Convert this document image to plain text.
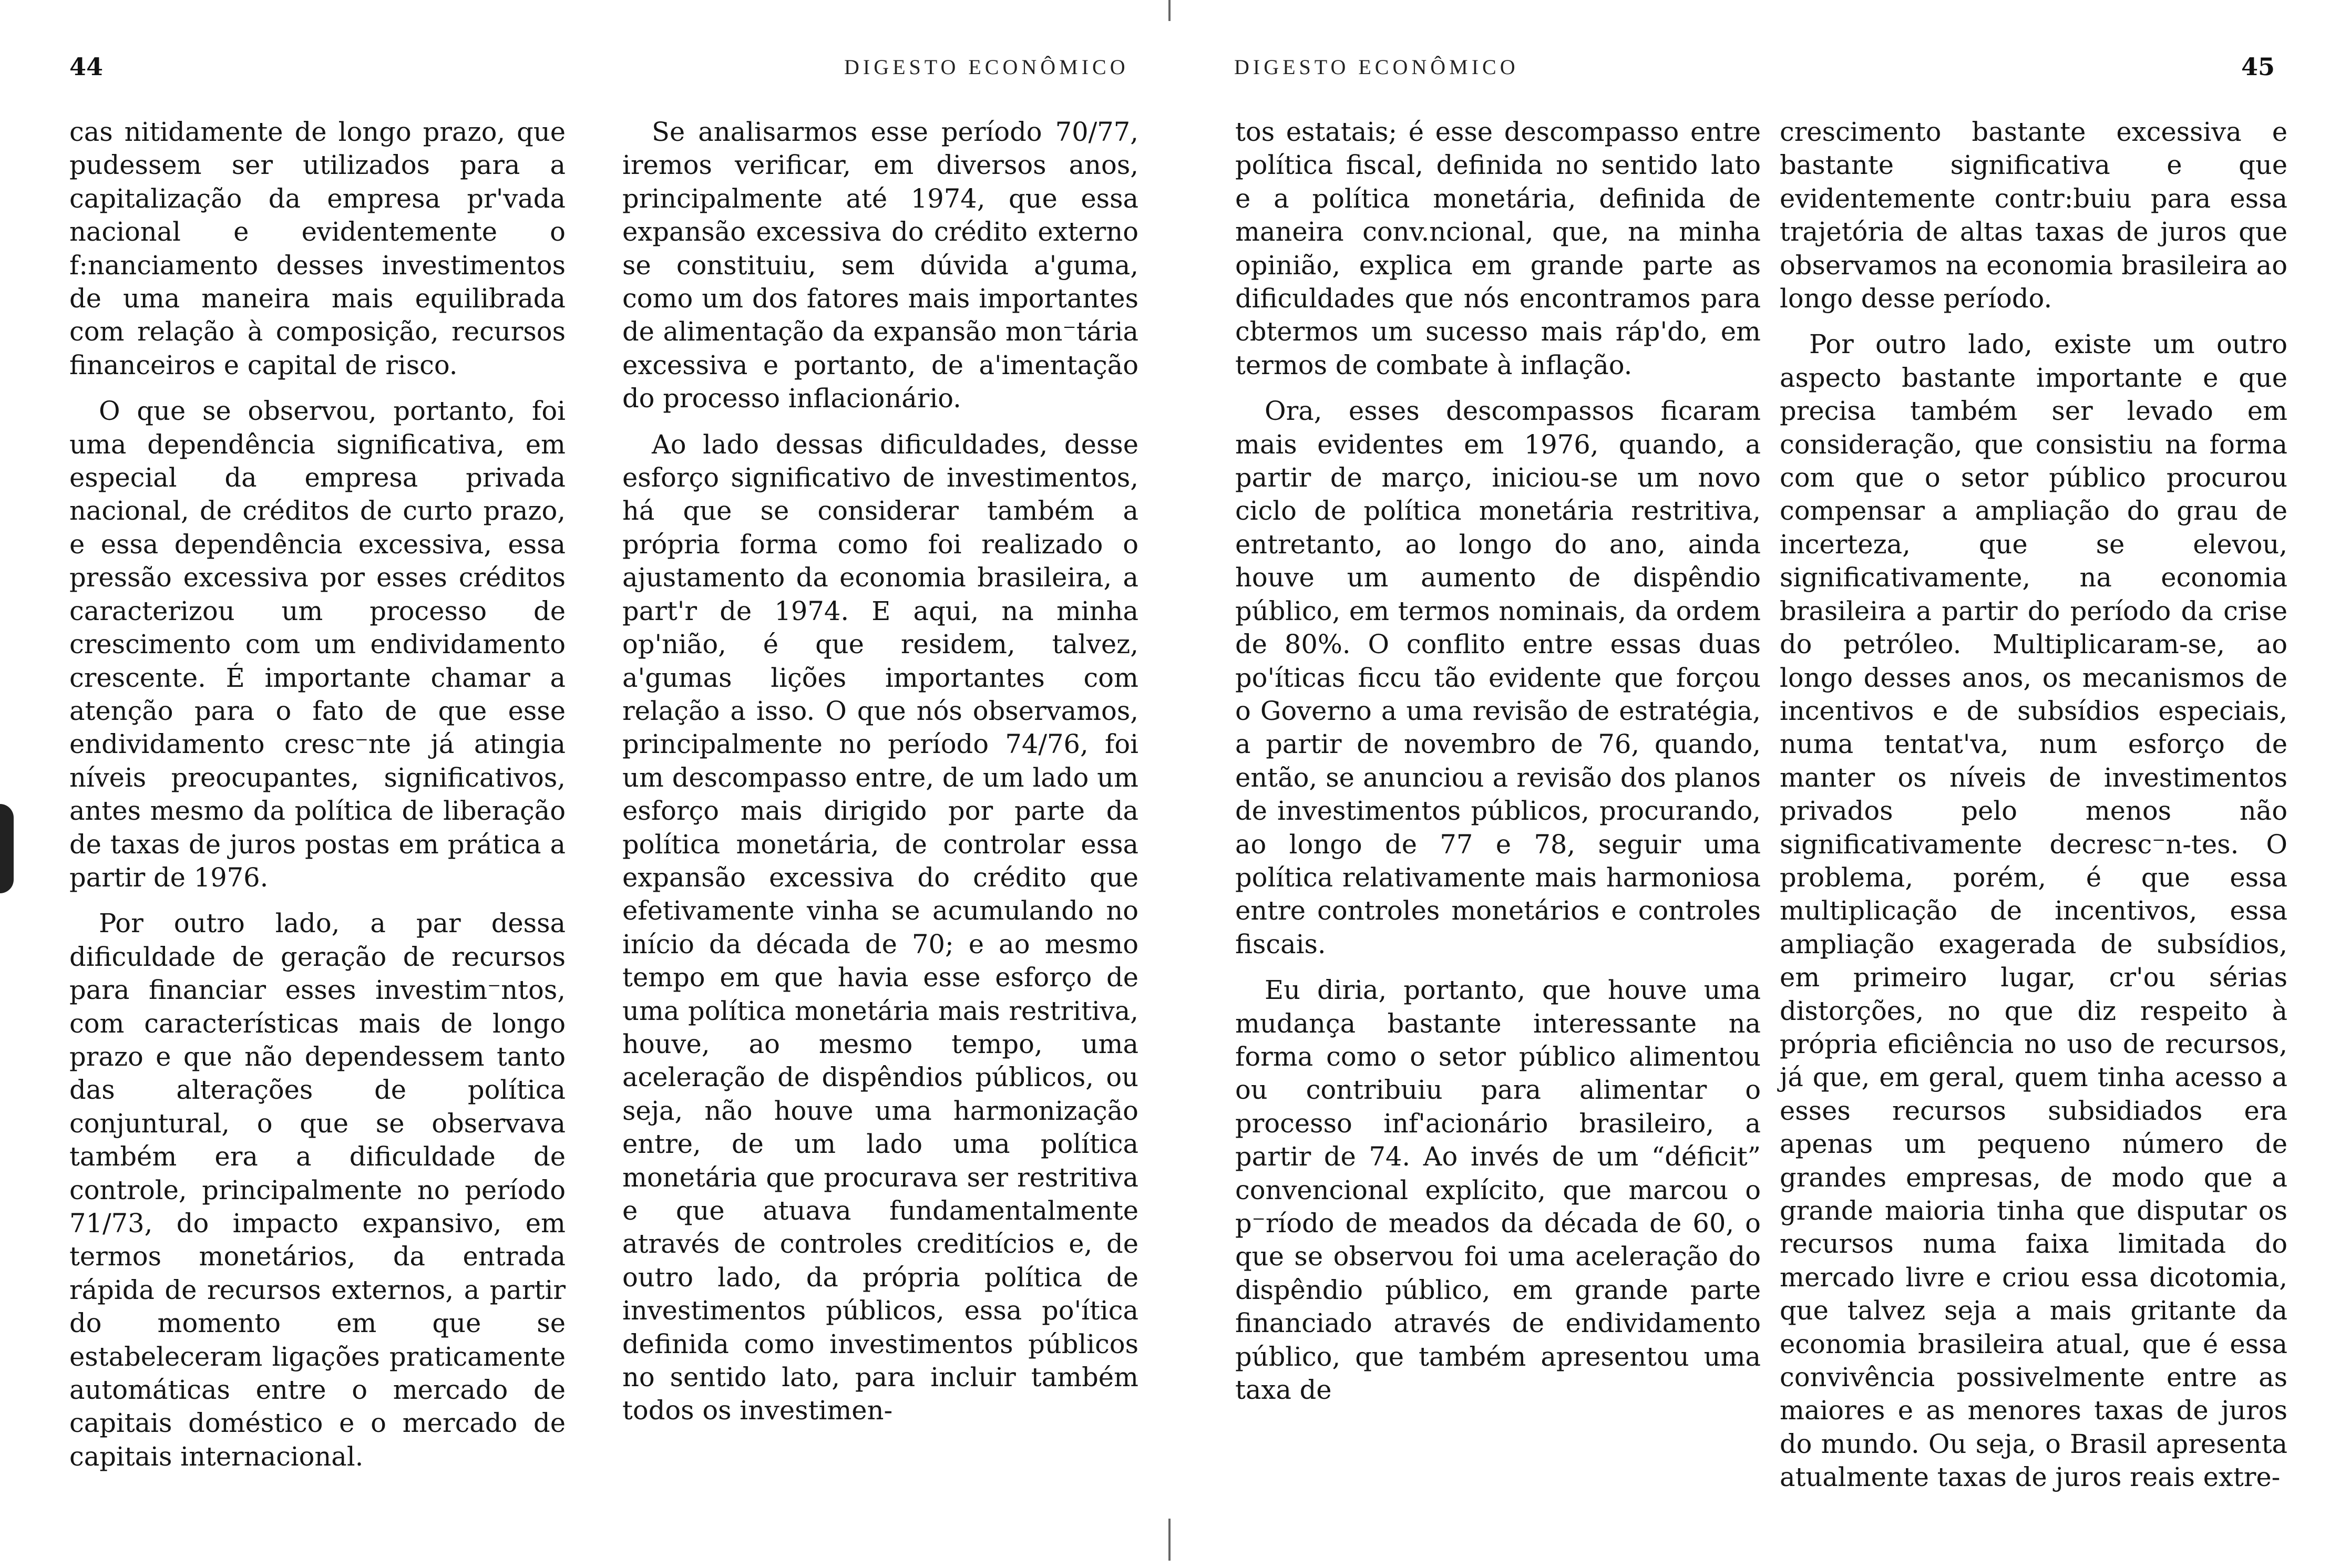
44	DIGESTO ECONÔMICO

cas nitidamente de longo prazo, que pudessem ser utilizados para a capitalização da empresa pr'vada nacional e evidentemente o f:nanciamento desses investimentos de uma maneira mais equilibrada com relação à composição, recursos financeiros e capital de risco.

O que se observou, portanto, foi uma dependência significativa, em especial da empresa privada nacional, de créditos de curto prazo, e essa dependência excessiva, essa pressão excessiva por esses créditos caracterizou um processo de crescimento com um endividamento crescente. É importante chamar a atenção para o fato de que esse endividamento cresc⁻nte já atingia níveis preocupantes, significativos, antes mesmo da política de liberação de taxas de juros postas em prática a partir de 1976.

Por outro lado, a par dessa dificuldade de geração de recursos para financiar esses investim⁻ntos, com características mais de longo prazo e que não dependessem tanto das alterações de política conjuntural, o que se observava também era a dificuldade de controle, principalmente no período 71/73, do impacto expansivo, em termos monetários, da entrada rápida de recursos externos, a partir do momento em que se estabeleceram ligações praticamente automáticas entre o mercado de capitais doméstico e o mercado de capitais internacional.

Se analisarmos esse período 70/77, iremos verificar, em diversos anos, principalmente até 1974, que essa expansão excessiva do crédito externo se constituiu, sem dúvida a'guma, como um dos fatores mais importantes de alimentação da expansão mon⁻tária excessiva e portanto, de a'imentação do processo inflacionário.

Ao lado dessas dificuldades, desse esforço significativo de investimentos, há que se considerar também a própria forma como foi realizado o ajustamento da economia brasileira, a part'r de 1974. E aqui, na minha op'nião, é que residem, talvez, a'gumas lições importantes com relação a isso. O que nós observamos, principalmente no período 74/76, foi um descompasso entre, de um lado um esforço mais dirigido por parte da política monetária, de controlar essa expansão excessiva do crédito que efetivamente vinha se acumulando no início da década de 70; e ao mesmo tempo em que havia esse esforço de uma política monetária mais restritiva, houve, ao mesmo tempo, uma aceleração de dispêndios públicos, ou seja, não houve uma harmonização entre, de um lado uma política monetária que procurava ser restritiva e que atuava fundamentalmente através de controles creditícios e, de outro lado, da própria política de investimentos públicos, essa po'ítica definida como investimentos públicos no sentido lato, para incluir também todos os investimen-

DIGESTO ECONÔMICO	45

tos estatais; é esse descompasso entre política fiscal, definida no sentido lato e a política monetária, definida de maneira conv.ncional, que, na minha opinião, explica em grande parte as dificuldades que nós encontramos para cbtermos um sucesso mais ráp'do, em termos de combate à inflação.

Ora, esses descompassos ficaram mais evidentes em 1976, quando, a partir de março, iniciou-se um novo ciclo de política monetária restritiva, entretanto, ao longo do ano, ainda houve um aumento de dispêndio público, em termos nominais, da ordem de 80%. O conflito entre essas duas po'íticas ficcu tão evidente que forçou o Governo a uma revisão de estratégia, a partir de novembro de 76, quando, então, se anunciou a revisão dos planos de investimentos públicos, procurando, ao longo de 77 e 78, seguir uma política relativamente mais harmoniosa entre controles monetários e controles fiscais.

Eu diria, portanto, que houve uma mudança bastante interessante na forma como o setor público alimentou ou contribuiu para alimentar o processo inf'acionário brasileiro, a partir de 74. Ao invés de um “déficit” convencional explícito, que marcou o p⁻ríodo de meados da década de 60, o que se observou foi uma aceleração do dispêndio público, em grande parte financiado através de endividamento público, que também apresentou uma taxa de

crescimento bastante excessiva e bastante significativa e que evidentemente contr:buiu para essa trajetória de altas taxas de juros que observamos na economia brasileira ao longo desse período.

Por outro lado, existe um outro aspecto bastante importante e que precisa também ser levado em consideração, que consistiu na forma com que o setor público procurou compensar a ampliação do grau de incerteza, que se elevou, significativamente, na economia brasileira a partir do período da crise do petróleo. Multiplicaram-se, ao longo desses anos, os mecanismos de incentivos e de subsídios especiais, numa tentat'va, num esforço de manter os níveis de investimentos privados pelo menos não significativamente decresc⁻n-tes. O problema, porém, é que essa multiplicação de incentivos, essa ampliação exagerada de subsídios, em primeiro lugar, cr'ou sérias distorções, no que diz respeito à própria eficiência no uso de recursos, já que, em geral, quem tinha acesso a esses recursos subsidiados era apenas um pequeno número de grandes empresas, de modo que a grande maioria tinha que disputar os recursos numa faixa limitada do mercado livre e criou essa dicotomia, que talvez seja a mais gritante da economia brasileira atual, que é essa convivência possivelmente entre as maiores e as menores taxas de juros do mundo. Ou seja, o Brasil apresenta atualmente taxas de juros reais extre-
